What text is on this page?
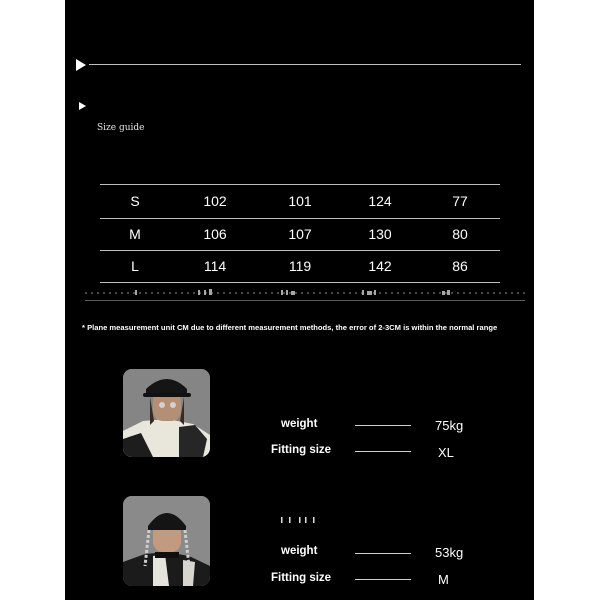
Size guide
S	102	101	124	77
M	106	107	130	80
L	114	119	142	86
* Plane measurement unit CM due to different measurement methods, the error of 2-3CM is within the normal range
weight	75kg
Fitting size	XL
weight	53kg
Fitting size	M
